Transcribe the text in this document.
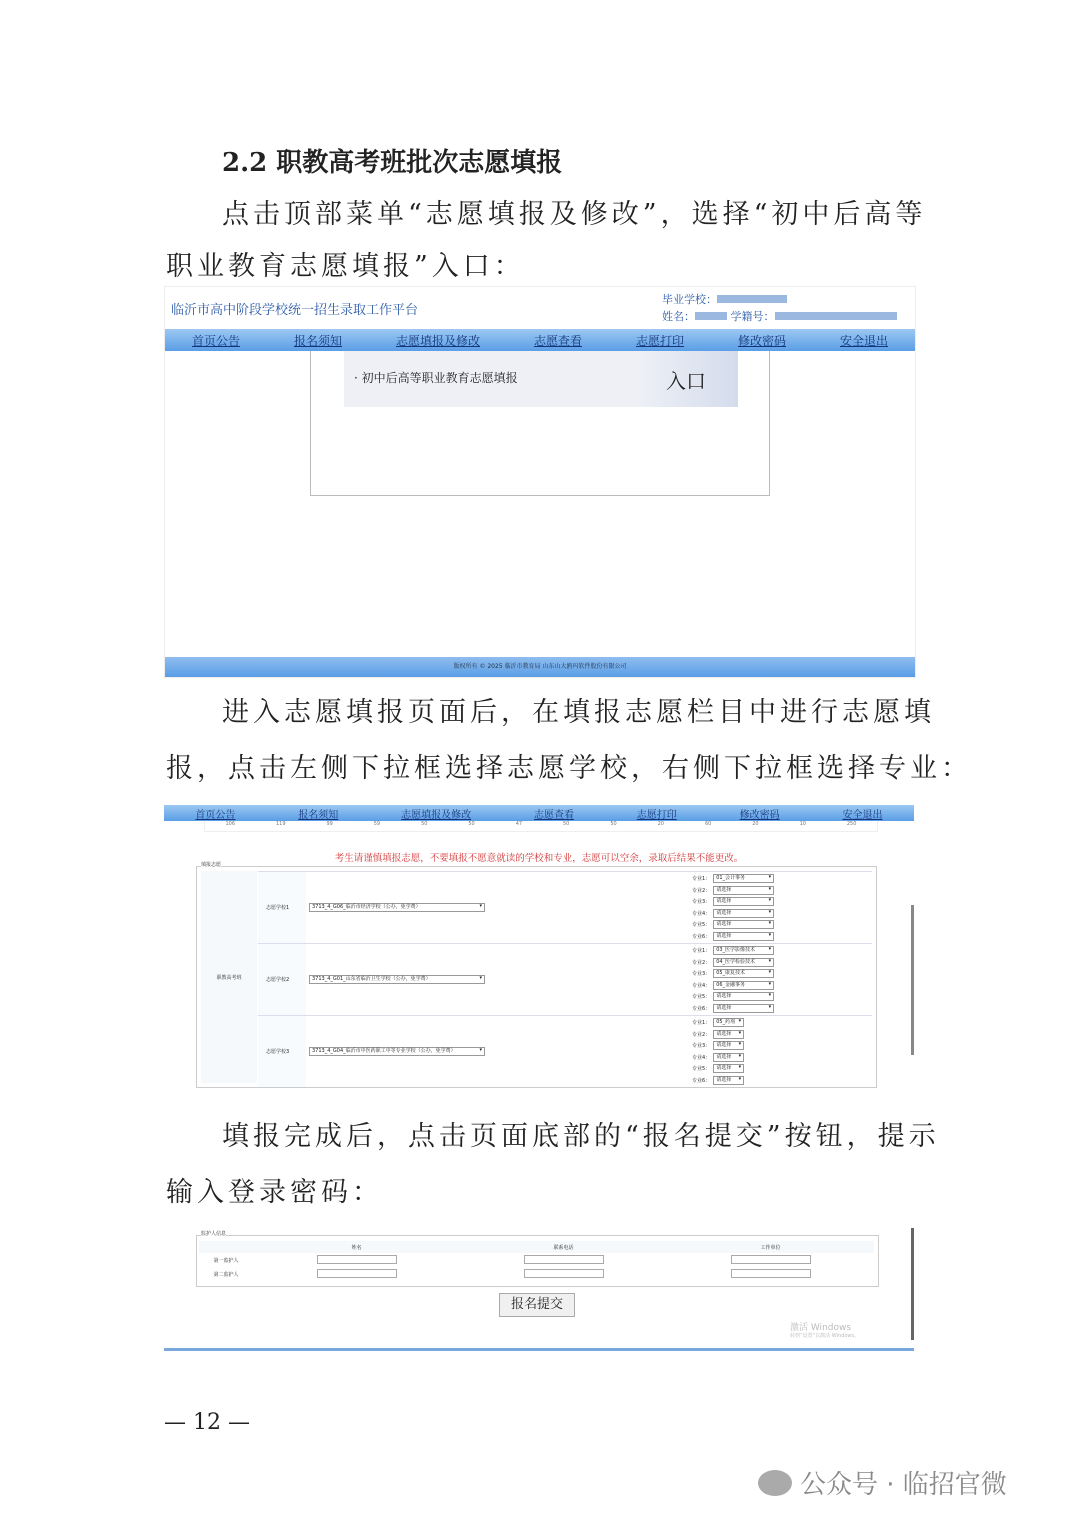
2.2 职教高考班批次志愿填报
点击顶部菜单“志愿填报及修改”，选择“初中后高等
职业教育志愿填报”入口：
临沂市高中阶段学校统一招生录取工作平台
毕业学校：
姓名：	学籍号：
首页公告	报名须知	志愿填报及修改	志愿查看	志愿打印	修改密码	安全退出
· 初中后高等职业教育志愿填报	入口
版权所有 © 2025 临沂市教育局 山东山大鸥玛软件股份有限公司
进入志愿填报页面后，在填报志愿栏目中进行志愿填
报，点击左侧下拉框选择志愿学校，右侧下拉框选择专业：
首页公告	报名须知	志愿填报及修改	志愿查看	志愿打印	修改密码	安全退出
106	119	99	59	50	50	47	50	50	20	60	20	10	250
考生请谨慎填报志愿，不要填报不愿意就读的学校和专业，志愿可以空余，录取后结果不能更改。
填报志愿
职教高考班
志愿学校1	3713_4_G06_临沂市经济学校（公办，免学费） ▾
专业1：	01_会计事务 ▾
专业2：	请选择 ▾
专业3：	请选择 ▾
专业4：	请选择 ▾
专业5：	请选择 ▾
专业6：	请选择 ▾
志愿学校2	3713_4_G01_山东省临沂卫生学校（公办，免学费） ▾
专业1：	03_医学影像技术 ▾
专业2：	04_医学检验技术 ▾
专业3：	05_康复技术 ▾
专业4：	06_金融事务 ▾
专业5：	请选择 ▾
专业6：	请选择 ▾
志愿学校3	3713_4_G04_临沂市中医药职工中等专业学校（公办，免学费） ▾
专业1：	05_药剂 ▾
专业2：	请选择 ▾
专业3：	请选择 ▾
专业4：	请选择 ▾
专业5：	请选择 ▾
专业6：	请选择 ▾
填报完成后，点击页面底部的“报名提交”按钮，提示
输入登录密码：
监护人信息
	姓名	联系电话	工作单位
第一监护人			
第二监护人			
报名提交
激活 Windows
转到“设置”以激活 Windows。
— 12 —
公众号 · 临招官微
